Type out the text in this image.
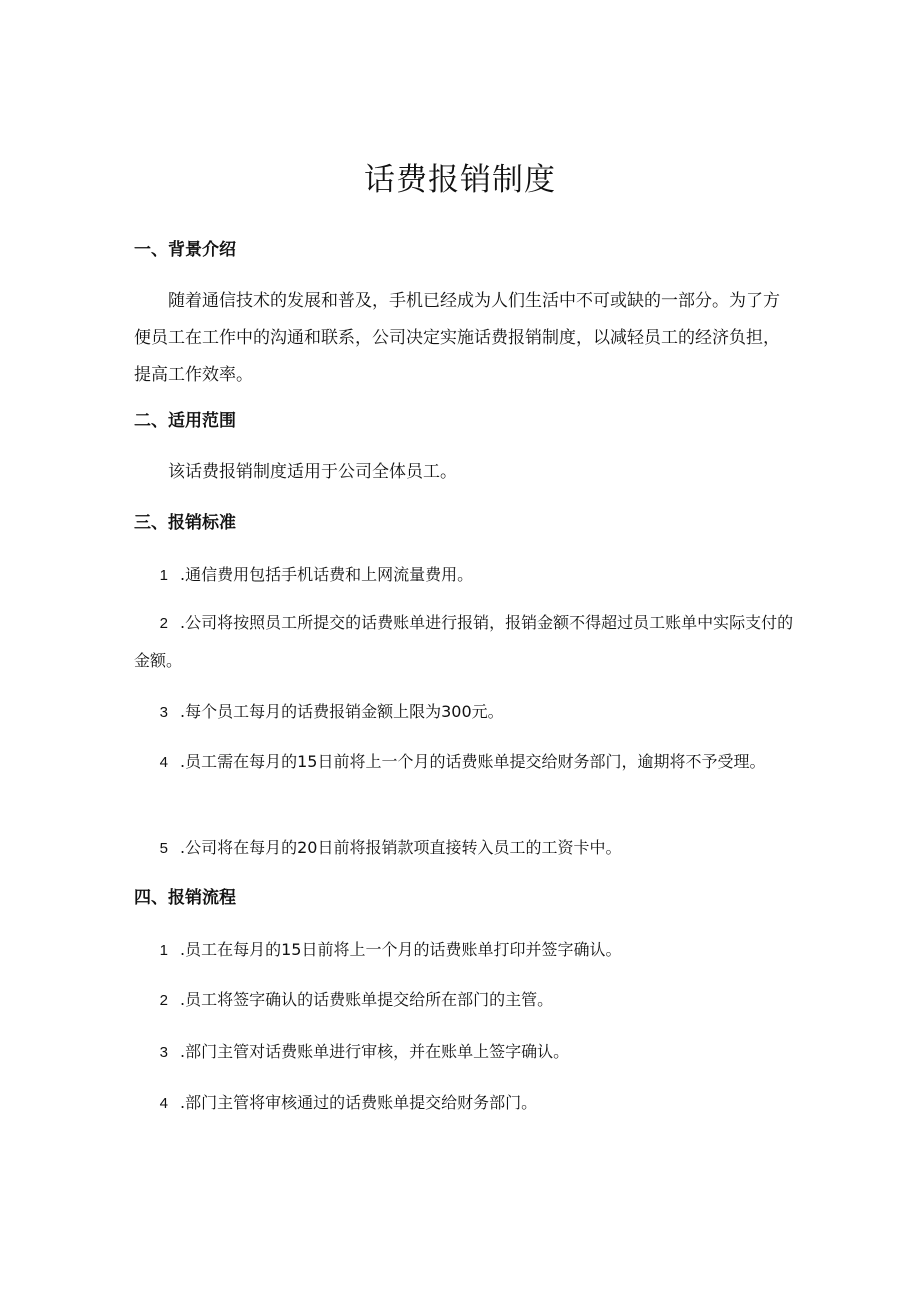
话费报销制度
一、背景介绍

随着通信技术的发展和普及，手机已经成为人们生活中不可或缺的一部分。为了方便员工在工作中的沟通和联系，公司决定实施话费报销制度，以减轻员工的经济负担，提高工作效率。

二、适用范围

该话费报销制度适用于公司全体员工。

三、报销标准

1 .通信费用包括手机话费和上网流量费用。

2 .公司将按照员工所提交的话费账单进行报销，报销金额不得超过员工账单中实际支付的金额。

3 .每个员工每月的话费报销金额上限为300元。

4 .员工需在每月的15日前将上一个月的话费账单提交给财务部门，逾期将不予受理。

5 .公司将在每月的20日前将报销款项直接转入员工的工资卡中。

四、报销流程

1 .员工在每月的15日前将上一个月的话费账单打印并签字确认。

2 .员工将签字确认的话费账单提交给所在部门的主管。

3 .部门主管对话费账单进行审核，并在账单上签字确认。

4 .部门主管将审核通过的话费账单提交给财务部门。
